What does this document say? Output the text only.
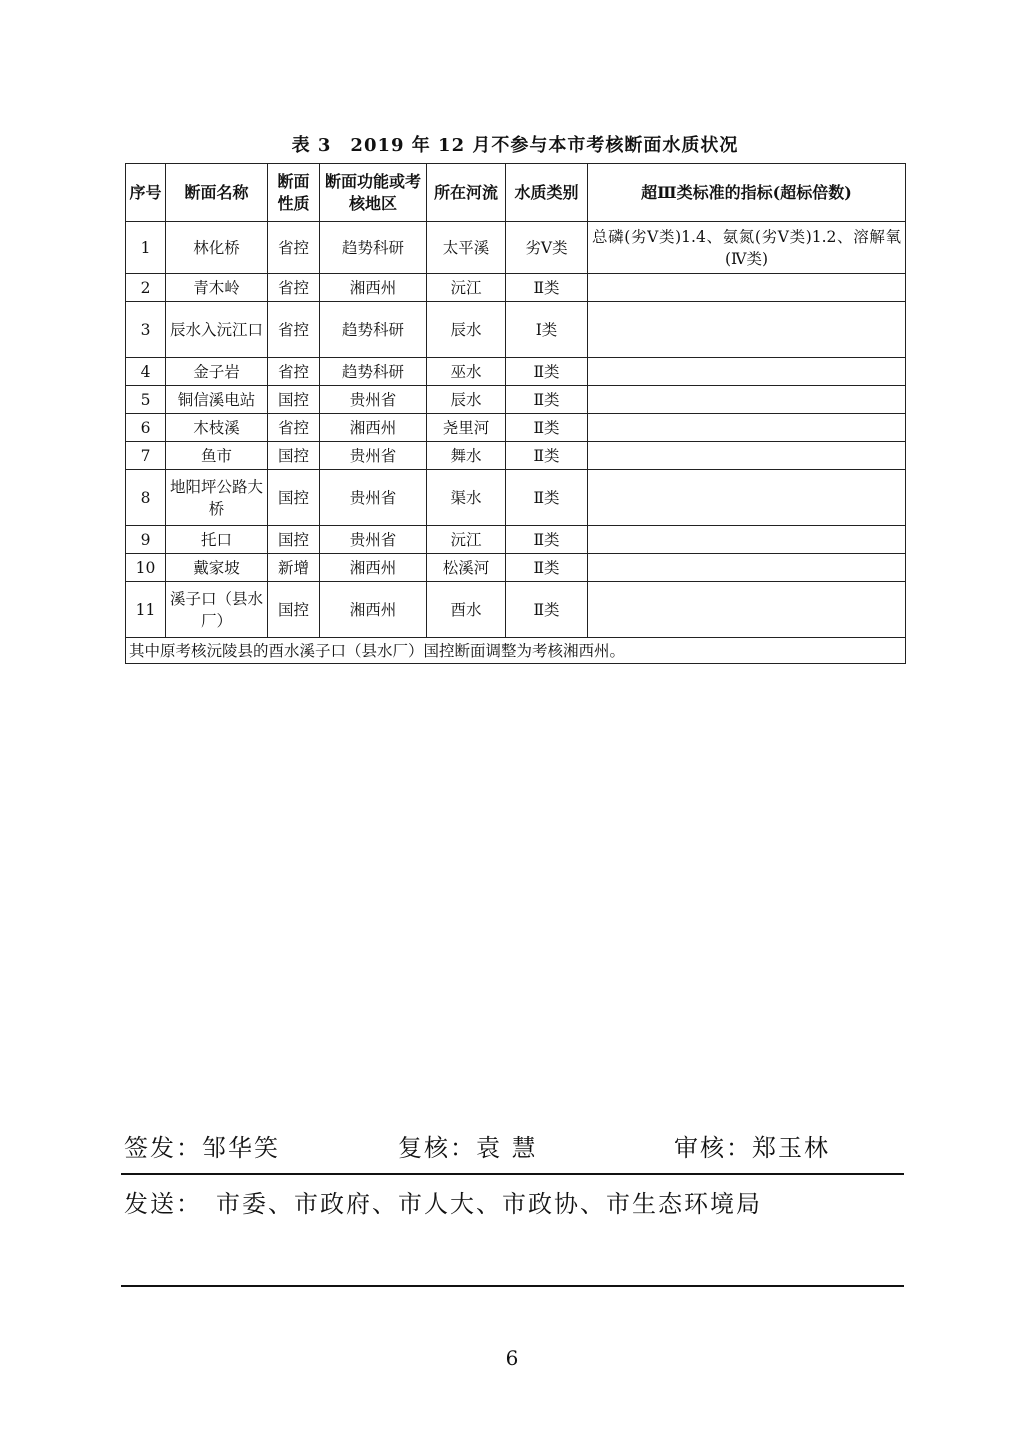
表 3　2019 年 12 月不参与本市考核断面水质状况
序号	断面名称	断面性质	断面功能或考核地区	所在河流	水质类别	超Ⅲ类标准的指标(超标倍数)
1	林化桥	省控	趋势科研	太平溪	劣Ⅴ类	总磷(劣Ⅴ类)1.4、氨氮(劣Ⅴ类)1.2、溶解氧(Ⅳ类)
2	青木岭	省控	湘西州	沅江	Ⅱ类	
3	辰水入沅江口	省控	趋势科研	辰水	Ⅰ类	
4	金子岩	省控	趋势科研	巫水	Ⅱ类	
5	铜信溪电站	国控	贵州省	辰水	Ⅱ类	
6	木枝溪	省控	湘西州	尧里河	Ⅱ类	
7	鱼市	国控	贵州省	舞水	Ⅱ类	
8	地阳坪公路大桥	国控	贵州省	渠水	Ⅱ类	
9	托口	国控	贵州省	沅江	Ⅱ类	
10	戴家坡	新增	湘西州	松溪河	Ⅱ类	
11	溪子口（县水厂）	国控	湘西州	酉水	Ⅱ类	
其中原考核沅陵县的酉水溪子口（县水厂）国控断面调整为考核湘西州。						
签发：邹华笑	复核：袁 慧	审核：郑玉林
发送：　市委、市政府、市人大、市政协、市生态环境局
6
